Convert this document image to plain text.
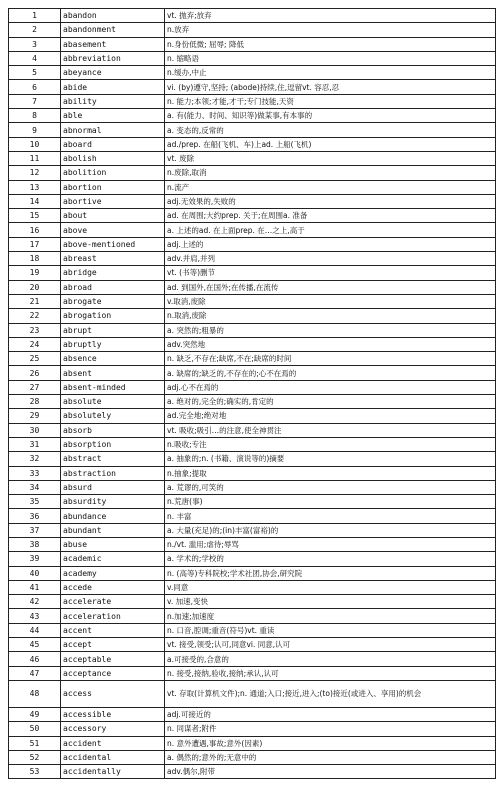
1	abandon	vt. 抛弃;放弃
2	abandonment	n.放弃
3	abasement	n.身份低微; 屈辱; 降低
4	abbreviation	n. 缩略语
5	abeyance	n.缓办,中止
6	abide	vi. (by)遵守,坚持; (abode)持续,住,逗留vt. 容忍,忍
7	ability	n. 能力;本领;才能,才干;专门技能,天资
8	able	a. 有(能力、时间、知识等)做某事,有本事的
9	abnormal	a. 变态的,反常的
10	aboard	ad./prep. 在船(飞机、车)上ad. 上船(飞机)
11	abolish	vt. 废除
12	abolition	n.废除,取消
13	abortion	n.流产
14	abortive	adj.无效果的,失败的
15	about	ad. 在周围;大约prep. 关于;在周围a. 准备
16	above	a. 上述的ad. 在上面prep. 在…之上,高于
17	above-mentioned	adj.上述的
18	abreast	adv.并肩,并列
19	abridge	vt. (书等)删节
20	abroad	ad. 到国外,在国外;在传播,在流传
21	abrogate	v.取消,废除
22	abrogation	n.取消,废除
23	abrupt	a. 突然的;粗暴的
24	abruptly	adv.突然地
25	absence	n. 缺乏,不存在;缺席,不在;缺席的时间
26	absent	a. 缺席的;缺乏的,不存在的;心不在焉的
27	absent-minded	adj.心不在焉的
28	absolute	a. 绝对的,完全的;确实的,肯定的
29	absolutely	ad.完全地;绝对地
30	absorb	vt. 吸收;吸引…的注意,使全神贯注
31	absorption	n.吸收;专注
32	abstract	a. 抽象的;n. (书籍、演说等的)摘要
33	abstraction	n.抽象;提取
34	absurd	a. 荒谬的,可笑的
35	absurdity	n.荒唐(事)
36	abundance	n. 丰富
37	abundant	a. 大量(充足)的;(in)丰富(富裕)的
38	abuse	n./vt. 滥用;虐待;辱骂
39	academic	a. 学术的;学校的
40	academy	n. (高等)专科院校;学术社团,协会,研究院
41	accede	v.同意
42	accelerate	v. 加速,变快
43	acceleration	n.加速;加速度
44	accent	n. 口音,腔调;重音(符号)vt. 重读
45	accept	vt. 接受,领受;认可,同意vi. 同意,认可
46	acceptable	a.可接受的,合意的
47	acceptance	n. 接受,接纳,验收,接纳;承认,认可
48	access	vt. 存取(计算机文件);n. 通道;入口;接近,进入;(to)接近(或进入、享用)的机会
49	accessible	adj.可接近的
50	accessory	n. 同谋者;附件
51	accident	n. 意外遭遇,事故;意外(因素)
52	accidental	a. 偶然的;意外的;无意中的
53	accidentally	adv.偶尔,附带
